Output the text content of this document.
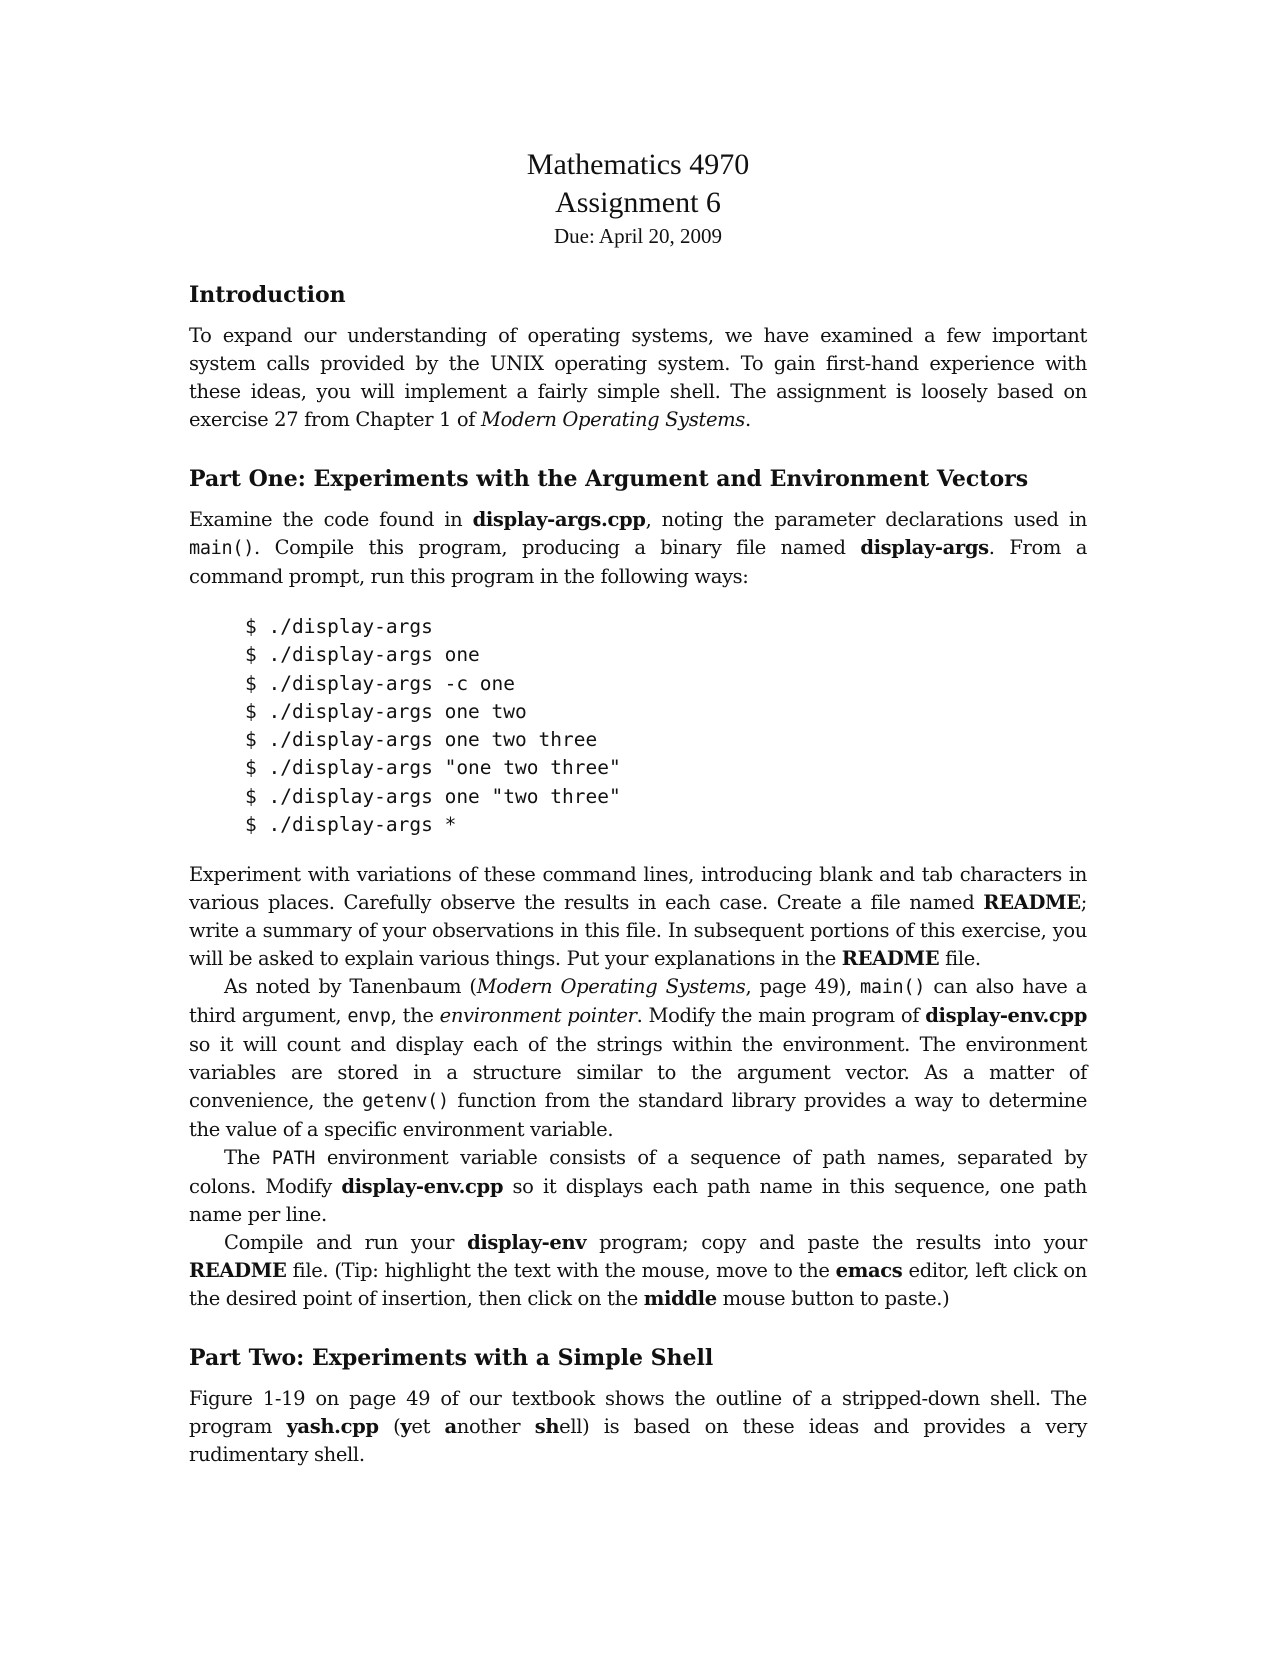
Mathematics 4970
Assignment 6
Due: April 20, 2009
Introduction

To expand our understanding of operating systems, we have examined a few important system calls provided by the UNIX operating system. To gain first-hand experience with these ideas, you will implement a fairly simple shell. The assignment is loosely based on exercise 27 from Chapter 1 of Modern Operating Systems.

Part One: Experiments with the Argument and Environment Vectors

Examine the code found in display-args.cpp, noting the parameter declarations used in main(). Compile this program, producing a binary file named display-args. From a command prompt, run this program in the following ways:

$ ./display-args
$ ./display-args one
$ ./display-args -c one
$ ./display-args one two
$ ./display-args one two three
$ ./display-args "one two three"
$ ./display-args one "two three"
$ ./display-args *

Experiment with variations of these command lines, introducing blank and tab characters in various places. Carefully observe the results in each case. Create a file named README; write a summary of your observations in this file. In subsequent portions of this exercise, you will be asked to explain various things. Put your explanations in the README file.

As noted by Tanenbaum (Modern Operating Systems, page 49), main() can also have a third argument, envp, the environment pointer. Modify the main program of display-env.cpp so it will count and display each of the strings within the environment. The environment variables are stored in a structure similar to the argument vector. As a matter of convenience, the getenv() function from the standard library provides a way to determine the value of a specific environment variable.

The PATH environment variable consists of a sequence of path names, separated by colons. Modify display-env.cpp so it displays each path name in this sequence, one path name per line.

Compile and run your display-env program; copy and paste the results into your README file. (Tip: highlight the text with the mouse, move to the emacs editor, left click on the desired point of insertion, then click on the middle mouse button to paste.)

Part Two: Experiments with a Simple Shell

Figure 1-19 on page 49 of our textbook shows the outline of a stripped-down shell. The program yash.cpp (yet another shell) is based on these ideas and provides a very rudimentary shell.
